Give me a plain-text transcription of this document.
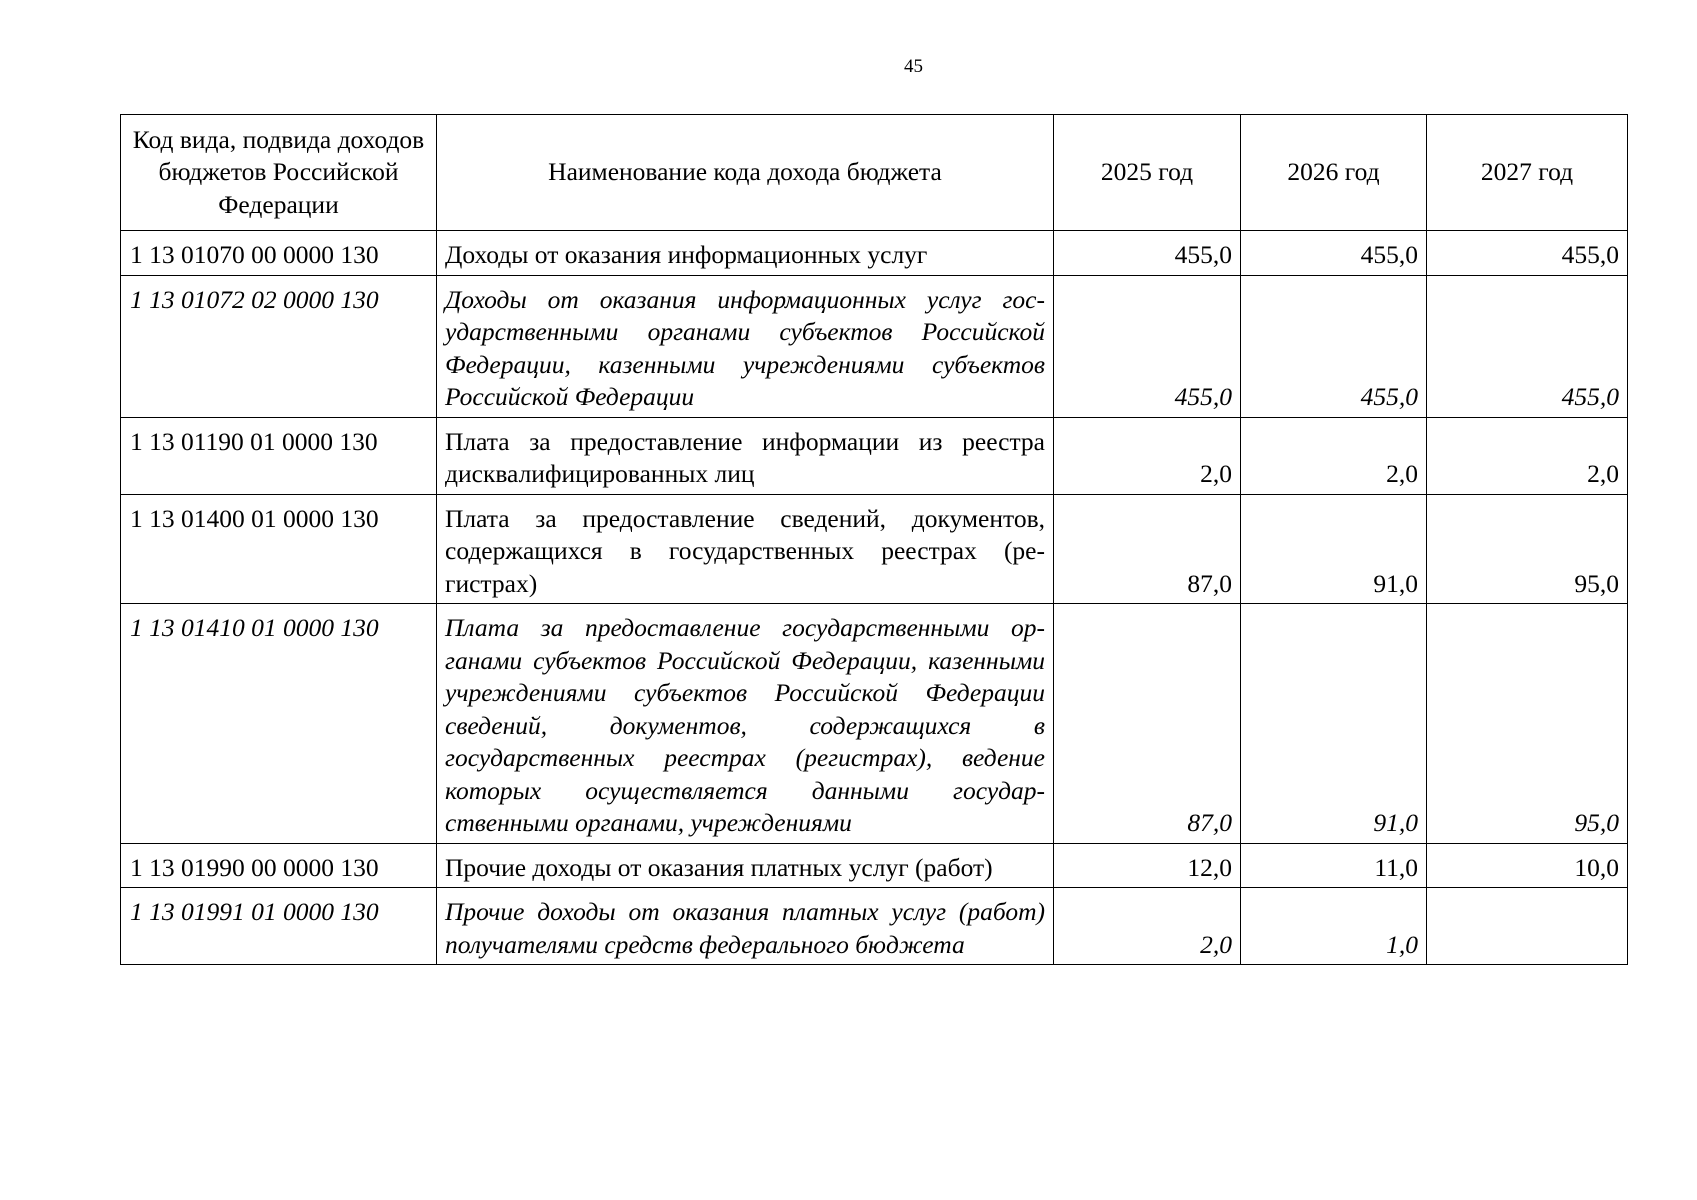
45
Код вида, подвида доходов бюджетов Российской Федерации	Наименование кода дохода бюджета	2025 год	2026 год	2027 год
1 13 01070 00 0000 130	Доходы от оказания информационных услуг	455,0	455,0	455,0
1 13 01072 02 0000 130	Доходы от оказания информационных услуг государственными органами субъектов Российской Федерации, казенными учреждениями субъектов Российской Федерации	455,0	455,0	455,0
1 13 01190 01 0000 130	Плата за предоставление информации из реестра дисквалифицированных лиц	2,0	2,0	2,0
1 13 01400 01 0000 130	Плата за предоставление сведений, документов, содержащихся в государственных реестрах (регистрах)	87,0	91,0	95,0
1 13 01410 01 0000 130	Плата за предоставление государственными органами субъектов Российской Федерации, казенными учреждениями субъектов Российской Федерации сведений, документов, содержащихся в государственных реестрах (регистрах), ведение которых осуществляется данными государственными органами, учреждениями	87,0	91,0	95,0
1 13 01990 00 0000 130	Прочие доходы от оказания платных услуг (работ)	12,0	11,0	10,0
1 13 01991 01 0000 130	Прочие доходы от оказания платных услуг (работ) получателями средств федерального бюджета	2,0	1,0	
